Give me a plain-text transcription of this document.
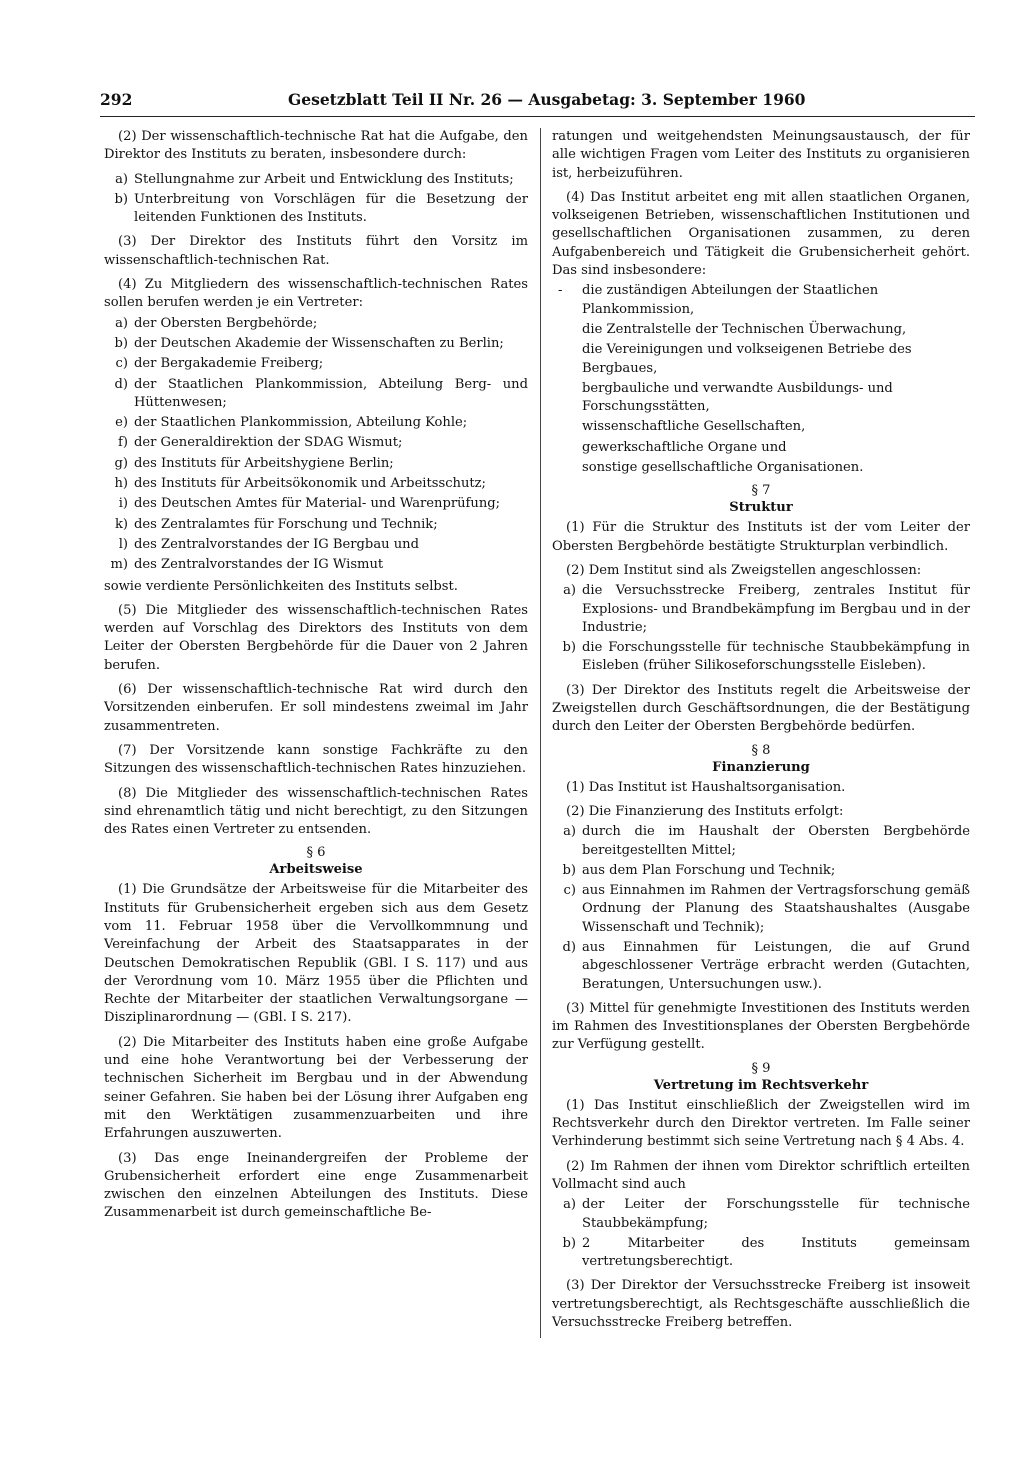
292	Gesetzblatt Teil II Nr. 26 — Ausgabetag: 3. September 1960

(2) Der wissenschaftlich-technische Rat hat die Aufgabe, den Direktor des Instituts zu beraten, insbesondere durch:

a) Stellungnahme zur Arbeit und Entwicklung des Instituts;
b) Unterbreitung von Vorschlägen für die Besetzung der leitenden Funktionen des Instituts.

(3) Der Direktor des Instituts führt den Vorsitz im wissenschaftlich-technischen Rat.

(4) Zu Mitgliedern des wissenschaftlich-technischen Rates sollen berufen werden je ein Vertreter:

a) der Obersten Bergbehörde;
b) der Deutschen Akademie der Wissenschaften zu Berlin;
c) der Bergakademie Freiberg;
d) der Staatlichen Plankommission, Abteilung Berg- und Hüttenwesen;
e) der Staatlichen Plankommission, Abteilung Kohle;
f) der Generaldirektion der SDAG Wismut;
g) des Instituts für Arbeitshygiene Berlin;
h) des Instituts für Arbeitsökonomik und Arbeitsschutz;
i) des Deutschen Amtes für Material- und Warenprüfung;
k) des Zentralamtes für Forschung und Technik;
l) des Zentralvorstandes der IG Bergbau und
m) des Zentralvorstandes der IG Wismut

sowie verdiente Persönlichkeiten des Instituts selbst.

(5) Die Mitglieder des wissenschaftlich-technischen Rates werden auf Vorschlag des Direktors des Instituts von dem Leiter der Obersten Bergbehörde für die Dauer von 2 Jahren berufen.

(6) Der wissenschaftlich-technische Rat wird durch den Vorsitzenden einberufen. Er soll mindestens zweimal im Jahr zusammentreten.

(7) Der Vorsitzende kann sonstige Fachkräfte zu den Sitzungen des wissenschaftlich-technischen Rates hinzuziehen.

(8) Die Mitglieder des wissenschaftlich-technischen Rates sind ehrenamtlich tätig und nicht berechtigt, zu den Sitzungen des Rates einen Vertreter zu entsenden.

§ 6
Arbeitsweise

(1) Die Grundsätze der Arbeitsweise für die Mitarbeiter des Instituts für Grubensicherheit ergeben sich aus dem Gesetz vom 11. Februar 1958 über die Vervollkommnung und Vereinfachung der Arbeit des Staatsapparates in der Deutschen Demokratischen Republik (GBl. I S. 117) und aus der Verordnung vom 10. März 1955 über die Pflichten und Rechte der Mitarbeiter der staatlichen Verwaltungsorgane — Disziplinarordnung — (GBl. I S. 217).

(2) Die Mitarbeiter des Instituts haben eine große Aufgabe und eine hohe Verantwortung bei der Verbesserung der technischen Sicherheit im Bergbau und in der Abwendung seiner Gefahren. Sie haben bei der Lösung ihrer Aufgaben eng mit den Werktätigen zusammenzuarbeiten und ihre Erfahrungen auszuwerten.

(3) Das enge Ineinandergreifen der Probleme der Grubensicherheit erfordert eine enge Zusammenarbeit zwischen den einzelnen Abteilungen des Instituts. Diese Zusammenarbeit ist durch gemeinschaftliche Be-

ratungen und weitgehendsten Meinungsaustausch, der für alle wichtigen Fragen vom Leiter des Instituts zu organisieren ist, herbeizuführen.

(4) Das Institut arbeitet eng mit allen staatlichen Organen, volkseigenen Betrieben, wissenschaftlichen Institutionen und gesellschaftlichen Organisationen zusammen, zu deren Aufgabenbereich und Tätigkeit die Grubensicherheit gehört. Das sind insbesondere:

- die zuständigen Abteilungen der Staatlichen Plankommission,
die Zentralstelle der Technischen Überwachung,
die Vereinigungen und volkseigenen Betriebe des Bergbaues,
bergbauliche und verwandte Ausbildungs- und Forschungsstätten,
wissenschaftliche Gesellschaften,
gewerkschaftliche Organe und
sonstige gesellschaftliche Organisationen.
§ 7
Struktur

(1) Für die Struktur des Instituts ist der vom Leiter der Obersten Bergbehörde bestätigte Strukturplan verbindlich.

(2) Dem Institut sind als Zweigstellen angeschlossen:

a) die Versuchsstrecke Freiberg, zentrales Institut für Explosions- und Brandbekämpfung im Bergbau und in der Industrie;
b) die Forschungsstelle für technische Staubbekämpfung in Eisleben (früher Silikoseforschungsstelle Eisleben).

(3) Der Direktor des Instituts regelt die Arbeitsweise der Zweigstellen durch Geschäftsordnungen, die der Bestätigung durch den Leiter der Obersten Bergbehörde bedürfen.

§ 8
Finanzierung

(1) Das Institut ist Haushaltsorganisation.

(2) Die Finanzierung des Instituts erfolgt:

a) durch die im Haushalt der Obersten Bergbehörde bereitgestellten Mittel;
b) aus dem Plan Forschung und Technik;
c) aus Einnahmen im Rahmen der Vertragsforschung gemäß Ordnung der Planung des Staatshaushaltes (Ausgabe Wissenschaft und Technik);
d) aus Einnahmen für Leistungen, die auf Grund abgeschlossener Verträge erbracht werden (Gutachten, Beratungen, Untersuchungen usw.).

(3) Mittel für genehmigte Investitionen des Instituts werden im Rahmen des Investitionsplanes der Obersten Bergbehörde zur Verfügung gestellt.

§ 9
Vertretung im Rechtsverkehr

(1) Das Institut einschließlich der Zweigstellen wird im Rechtsverkehr durch den Direktor vertreten. Im Falle seiner Verhinderung bestimmt sich seine Vertretung nach § 4 Abs. 4.

(2) Im Rahmen der ihnen vom Direktor schriftlich erteilten Vollmacht sind auch

a) der Leiter der Forschungsstelle für technische Staubbekämpfung;
b) 2 Mitarbeiter des Instituts gemeinsam vertretungsberechtigt.

(3) Der Direktor der Versuchsstrecke Freiberg ist insoweit vertretungsberechtigt, als Rechtsgeschäfte ausschließlich die Versuchsstrecke Freiberg betreffen.
